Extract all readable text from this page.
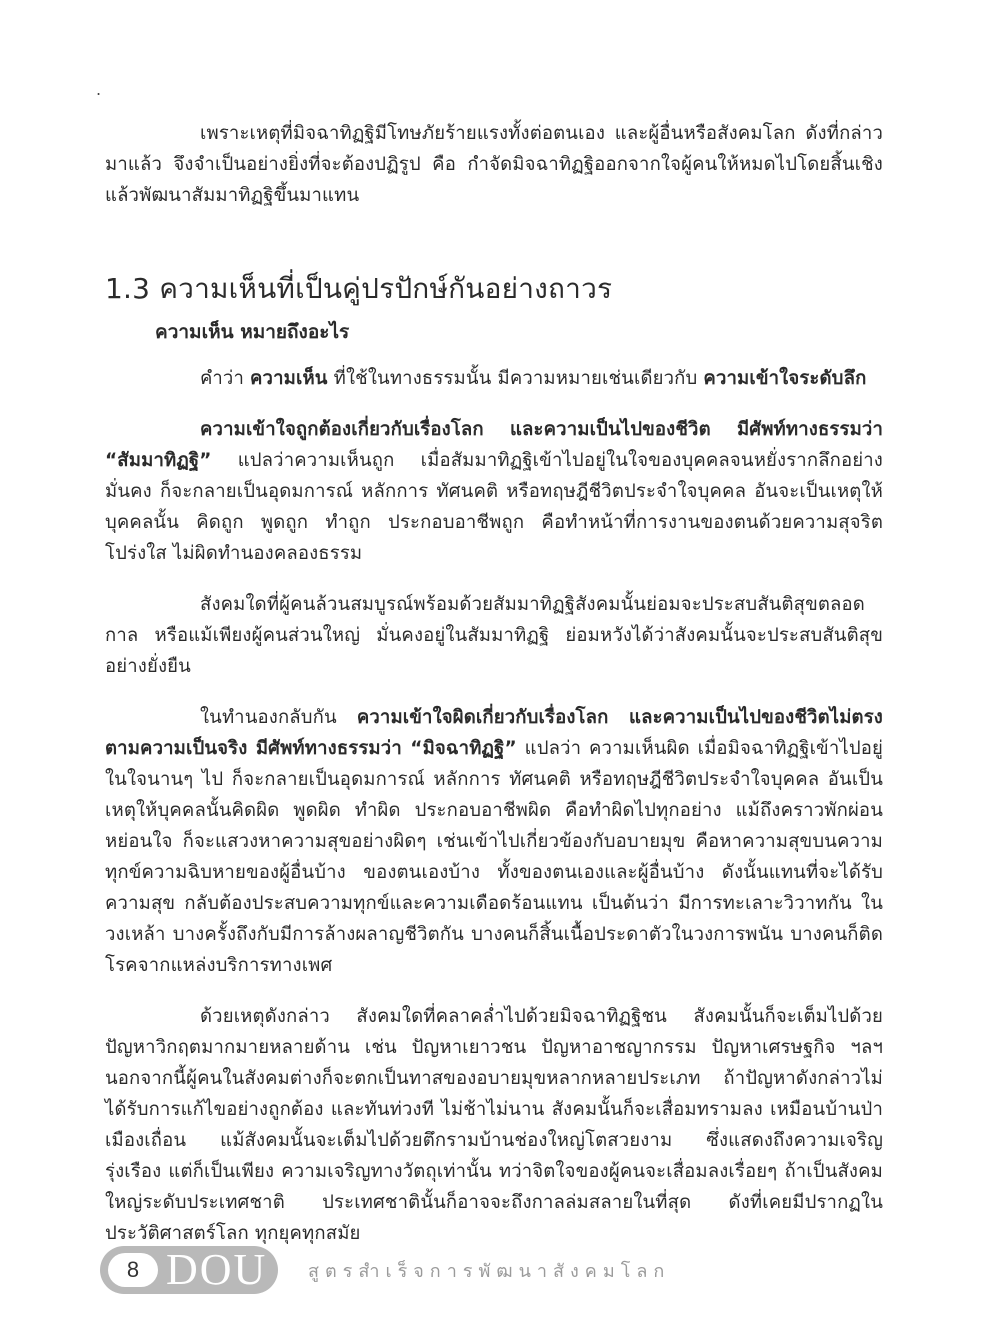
.

เพราะเหตุที่มิจฉาทิฏฐิมีโทษภัยร้ายแรงทั้งต่อตนเอง และผู้อื่นหรือสังคมโลก ดังที่กล่าวมาแล้ว จึงจำเป็นอย่างยิ่งที่จะต้องปฏิรูป คือ กำจัดมิจฉาทิฏฐิออกจากใจผู้คนให้หมดไปโดยสิ้นเชิง แล้วพัฒนาสัมมาทิฏฐิขึ้นมาแทน

1.3 ความเห็นที่เป็นคู่ปรปักษ์กันอย่างถาวร
ความเห็น หมายถึงอะไร

คำว่า ความเห็น ที่ใช้ในทางธรรมนั้น มีความหมายเช่นเดียวกับ ความเข้าใจระดับลึก

ความเข้าใจถูกต้องเกี่ยวกับเรื่องโลก และความเป็นไปของชีวิต มีศัพท์ทางธรรมว่า “สัมมาทิฏฐิ” แปลว่าความเห็นถูก เมื่อสัมมาทิฏฐิเข้าไปอยู่ในใจของบุคคลจนหยั่งรากลึกอย่างมั่นคง ก็จะกลายเป็นอุดมการณ์ หลักการ ทัศนคติ หรือทฤษฎีชีวิตประจำใจบุคคล อันจะเป็นเหตุให้บุคคลนั้น คิดถูก พูดถูก ทำถูก ประกอบอาชีพถูก คือทำหน้าที่การงานของตนด้วยความสุจริตโปร่งใส ไม่ผิดทำนองคลองธรรม

สังคมใดที่ผู้คนล้วนสมบูรณ์พร้อมด้วยสัมมาทิฏฐิสังคมนั้นย่อมจะประสบสันติสุขตลอดกาล หรือแม้เพียงผู้คนส่วนใหญ่ มั่นคงอยู่ในสัมมาทิฏฐิ ย่อมหวังได้ว่าสังคมนั้นจะประสบสันติสุข อย่างยั่งยืน

ในทำนองกลับกัน ความเข้าใจผิดเกี่ยวกับเรื่องโลก และความเป็นไปของชีวิตไม่ตรงตามความเป็นจริง มีศัพท์ทางธรรมว่า “มิจฉาทิฏฐิ” แปลว่า ความเห็นผิด เมื่อมิจฉาทิฏฐิเข้าไปอยู่ในใจนานๆ ไป ก็จะกลายเป็นอุดมการณ์ หลักการ ทัศนคติ หรือทฤษฎีชีวิตประจำใจบุคคล อันเป็นเหตุให้บุคคลนั้นคิดผิด พูดผิด ทำผิด ประกอบอาชีพผิด คือทำผิดไปทุกอย่าง แม้ถึงคราวพักผ่อนหย่อนใจ ก็จะแสวงหาความสุขอย่างผิดๆ เช่นเข้าไปเกี่ยวข้องกับอบายมุข คือหาความสุขบนความทุกข์ความฉิบหายของผู้อื่นบ้าง ของตนเองบ้าง ทั้งของตนเองและผู้อื่นบ้าง ดังนั้นแทนที่จะได้รับความสุข กลับต้องประสบความทุกข์และความเดือดร้อนแทน เป็นต้นว่า มีการทะเลาะวิวาทกัน ในวงเหล้า บางครั้งถึงกับมีการล้างผลาญชีวิตกัน บางคนก็สิ้นเนื้อประดาตัวในวงการพนัน บางคนก็ติดโรคจากแหล่งบริการทางเพศ

ด้วยเหตุดังกล่าว สังคมใดที่คลาคล่ำไปด้วยมิจฉาทิฏฐิชน สังคมนั้นก็จะเต็มไปด้วยปัญหาวิกฤตมากมายหลายด้าน เช่น ปัญหาเยาวชน ปัญหาอาชญากรรม ปัญหาเศรษฐกิจ ฯลฯ นอกจากนี้ผู้คนในสังคมต่างก็จะตกเป็นทาสของอบายมุขหลากหลายประเภท ถ้าปัญหาดังกล่าวไม่ได้รับการแก้ไขอย่างถูกต้อง และทันท่วงที ไม่ช้าไม่นาน สังคมนั้นก็จะเสื่อมทรามลง เหมือนบ้านป่าเมืองเถื่อน แม้สังคมนั้นจะเต็มไปด้วยตึกรามบ้านช่องใหญ่โตสวยงาม ซึ่งแสดงถึงความเจริญรุ่งเรือง แต่ก็เป็นเพียง ความเจริญทางวัตถุเท่านั้น ทว่าจิตใจของผู้คนจะเสื่อมลงเรื่อยๆ ถ้าเป็นสังคมใหญ่ระดับประเทศชาติ ประเทศชาตินั้นก็อาจจะถึงกาลล่มสลายในที่สุด ดังที่เคยมีปรากฏในประวัติศาสตร์โลก ทุกยุคทุกสมัย

8 DOU สูตรสำเร็จการพัฒนาสังคมโลก
